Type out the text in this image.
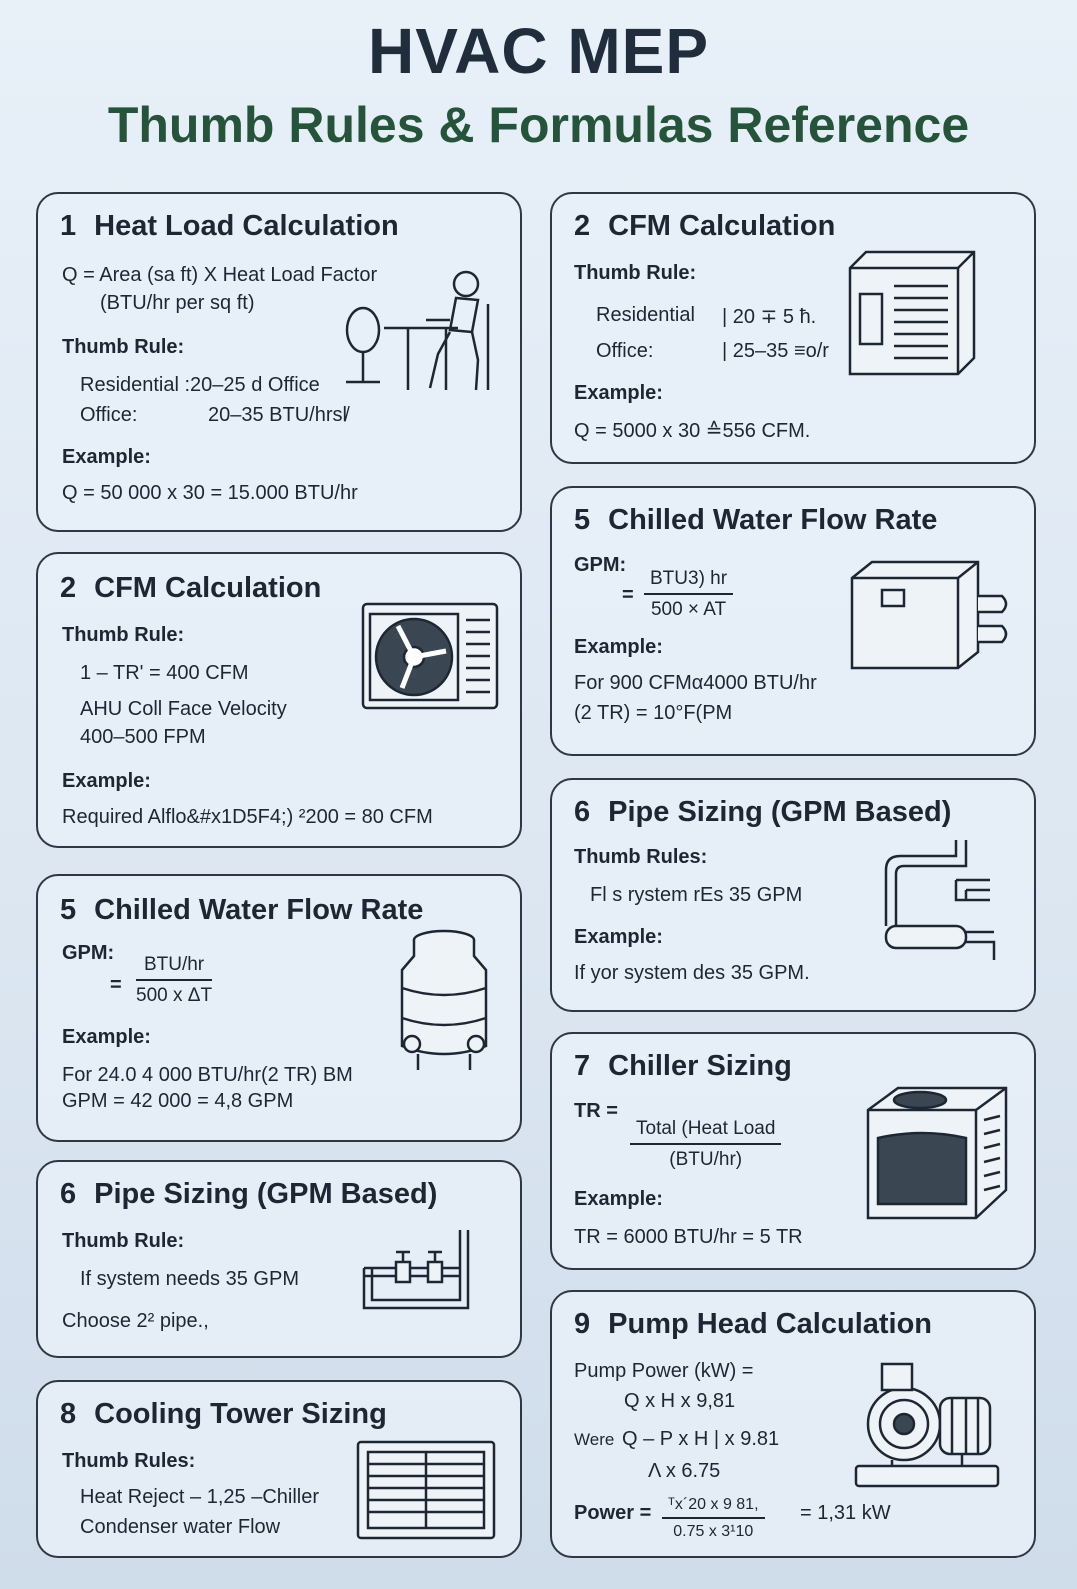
HVAC MEP
Thumb Rules & Formulas Reference
1 Heat Load Calculation
Q = Area (sa ft) X Heat Load Factor
(BTU/hr per sq ft)
Thumb Rule:
Residential :20–25 d Office
Office:	20–35 BTU/hrsl̸
Example:
Q = 50 000 x 30 = 15.000 BTU/hr
2 CFM Calculation
Thumb Rule:
1 – TR' = 400 CFM
AHU Coll Face Velocity
400–500 FPM
Example:
Required Alflo&#x1D5F4;) ²200 = 80 CFM
5 Chilled Water Flow Rate
GPM:
=
BTU/hr
500 x ΔT
Example:
For 24.0 4 000 BTU/hr(2 TR) BM
GPM = 42 000 = 4,8 GPM
6 Pipe Sizing (GPM Based)
Thumb Rule:
If system needs 35 GPM
Choose 2² pipe.,
8 Cooling Tower Sizing
Thumb Rules:
Heat Reject – 1,25 –Chiller
Condenser water Flow
2 CFM Calculation
Thumb Rule:
Residential | 20 ∓ 5 ħ.
Office:	| 25–35 ≡o/r
Example:
Q = 5000 x 30 ≙556 CFM.
5 Chilled Water Flow Rate
GPM:
=
BTU3) hr
500 × AT
Example:
For 900 CFMα4000 BTU/hr
(2 TR) = 10°F(PM
6 Pipe Sizing (GPM Based)
Thumb Rules:
Fl s rystem rEs 35 GPM
Example:
If yor system des 35 GPM.
7 Chiller Sizing
TR =
Total (Heat Load
(BTU/hr)
Example:
TR = 6000 BTU/hr = 5 TR
9 Pump Head Calculation
Pump Power (kW) =
Q x H x 9,81
Were Q – P x H | x 9.81
Λ x 6.75
Power = $\frac{\text{ᵀx´20 x 9 81,}}{\text{0.75 x 3¹10}} = 1,31$ kW
